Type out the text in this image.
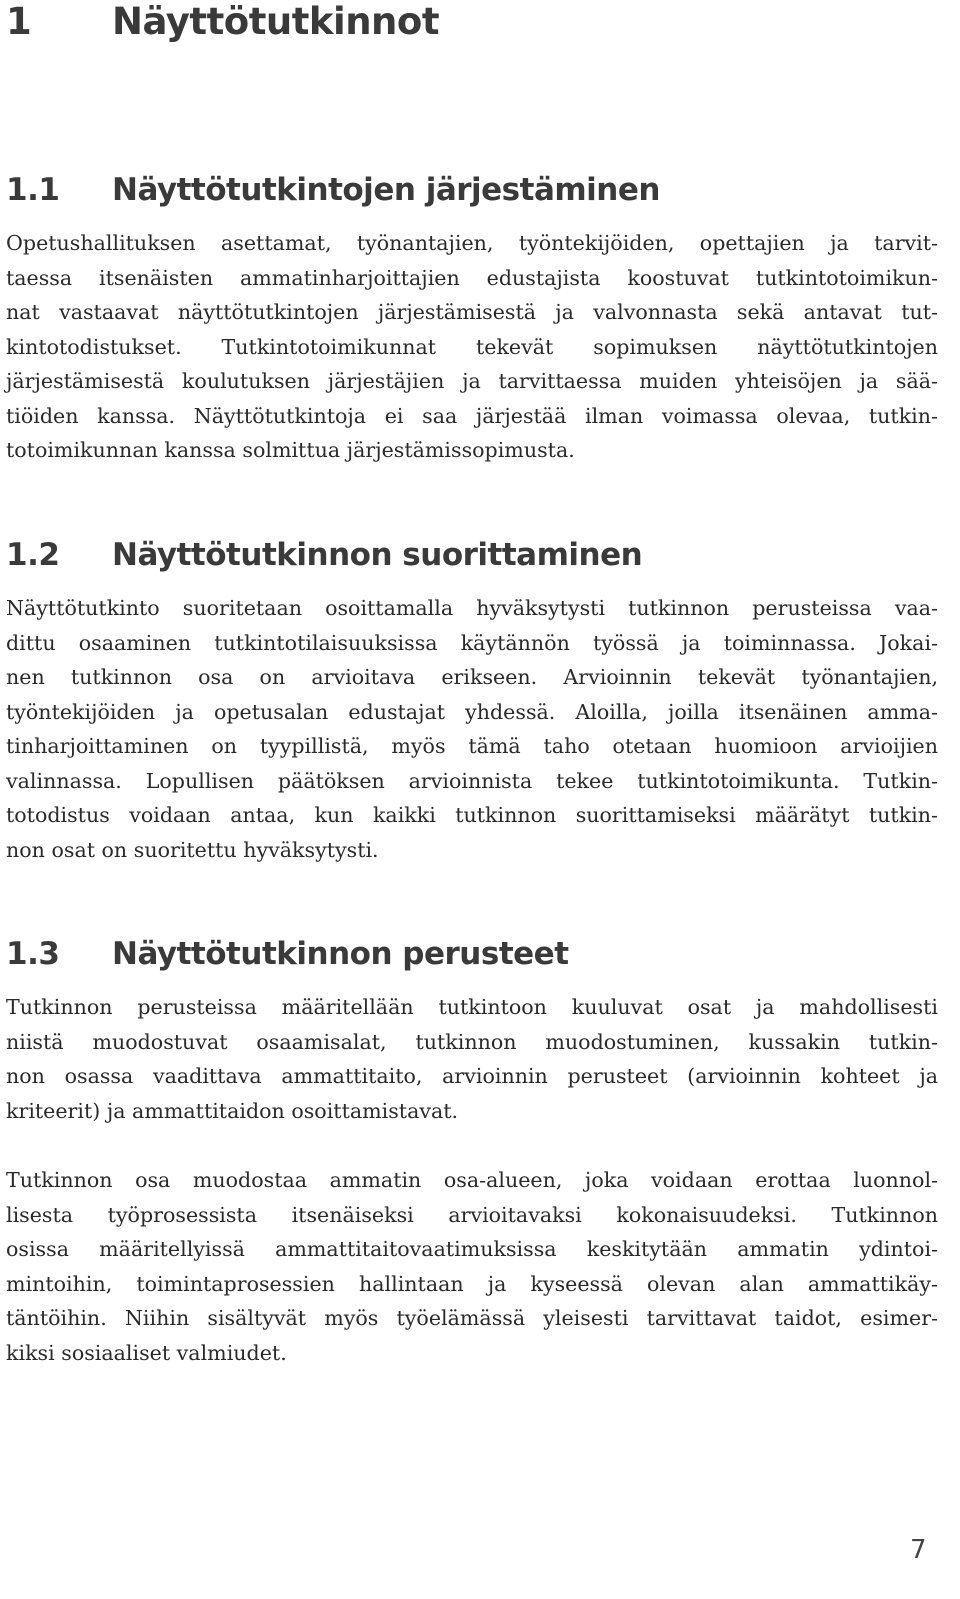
1 Näyttötutkinnot
1.1 Näyttötutkintojen järjestäminen
Opetushallituksen asettamat, työnantajien, työntekijöiden, opettajien ja tarvit-
taessa itsenäisten ammatinharjoittajien edustajista koostuvat tutkintotoimikun-
nat vastaavat näyttötutkintojen järjestämisestä ja valvonnasta sekä antavat tut-
kintotodistukset. Tutkintotoimikunnat tekevät sopimuksen näyttötutkintojen
järjestämisestä koulutuksen järjestäjien ja tarvittaessa muiden yhteisöjen ja sää-
tiöiden kanssa. Näyttötutkintoja ei saa järjestää ilman voimassa olevaa, tutkin-
totoimikunnan kanssa solmittua järjestämissopimusta.
1.2 Näyttötutkinnon suorittaminen
Näyttötutkinto suoritetaan osoittamalla hyväksytysti tutkinnon perusteissa vaa-
dittu osaaminen tutkintotilaisuuksissa käytännön työssä ja toiminnassa. Jokai-
nen tutkinnon osa on arvioitava erikseen. Arvioinnin tekevät työnantajien,
työntekijöiden ja opetusalan edustajat yhdessä. Aloilla, joilla itsenäinen amma-
tinharjoittaminen on tyypillistä, myös tämä taho otetaan huomioon arvioijien
valinnassa. Lopullisen päätöksen arvioinnista tekee tutkintotoimikunta. Tutkin-
totodistus voidaan antaa, kun kaikki tutkinnon suorittamiseksi määrätyt tutkin-
non osat on suoritettu hyväksytysti.
1.3 Näyttötutkinnon perusteet
Tutkinnon perusteissa määritellään tutkintoon kuuluvat osat ja mahdollisesti
niistä muodostuvat osaamisalat, tutkinnon muodostuminen, kussakin tutkin-
non osassa vaadittava ammattitaito, arvioinnin perusteet (arvioinnin kohteet ja
kriteerit) ja ammattitaidon osoittamistavat.
Tutkinnon osa muodostaa ammatin osa-alueen, joka voidaan erottaa luonnol-
lisesta työprosessista itsenäiseksi arvioitavaksi kokonaisuudeksi. Tutkinnon
osissa määritellyissä ammattitaitovaatimuksissa keskitytään ammatin ydintoi-
mintoihin, toimintaprosessien hallintaan ja kyseessä olevan alan ammattikäy-
täntöihin. Niihin sisältyvät myös työelämässä yleisesti tarvittavat taidot, esimer-
kiksi sosiaaliset valmiudet.

7
